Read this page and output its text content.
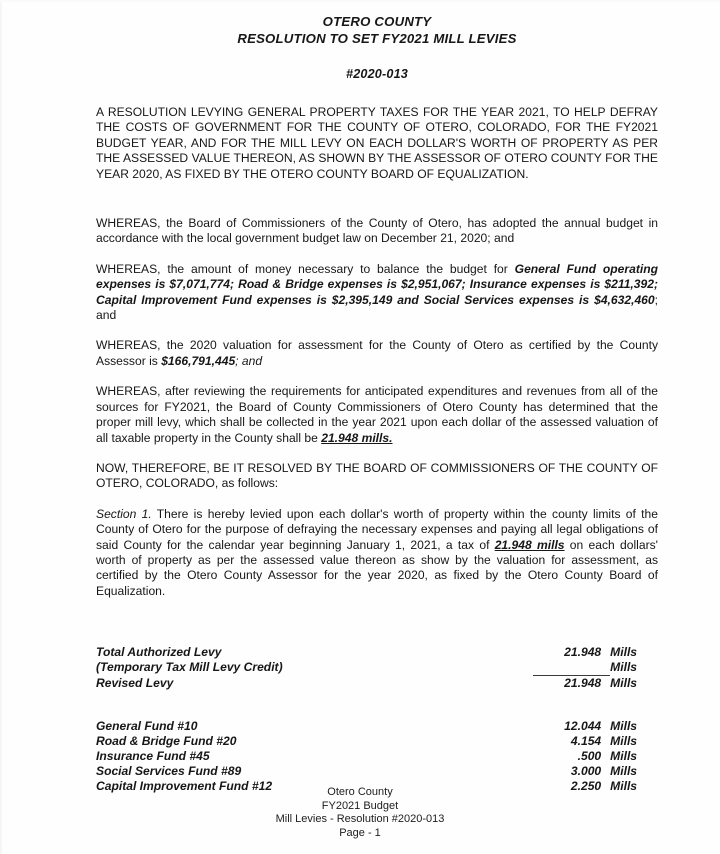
OTERO COUNTY
RESOLUTION TO SET FY2021 MILL LEVIES
#2020-013
A RESOLUTION LEVYING GENERAL PROPERTY TAXES FOR THE YEAR 2021, TO HELP DEFRAY THE COSTS OF GOVERNMENT FOR THE COUNTY OF OTERO, COLORADO, FOR THE FY2021 BUDGET YEAR, AND FOR THE MILL LEVY ON EACH DOLLAR'S WORTH OF PROPERTY AS PER THE ASSESSED VALUE THEREON, AS SHOWN BY THE ASSESSOR OF OTERO COUNTY FOR THE YEAR 2020, AS FIXED BY THE OTERO COUNTY BOARD OF EQUALIZATION.
WHEREAS, the Board of Commissioners of the County of Otero, has adopted the annual budget in accordance with the local government budget law on December 21, 2020; and
WHEREAS, the amount of money necessary to balance the budget for General Fund operating expenses is $7,071,774; Road & Bridge expenses is $2,951,067; Insurance expenses is $211,392; Capital Improvement Fund expenses is $2,395,149 and Social Services expenses is $4,632,460; and
WHEREAS, the 2020 valuation for assessment for the County of Otero as certified by the County Assessor is $166,791,445; and
WHEREAS, after reviewing the requirements for anticipated expenditures and revenues from all of the sources for FY2021, the Board of County Commissioners of Otero County has determined that the proper mill levy, which shall be collected in the year 2021 upon each dollar of the assessed valuation of all taxable property in the County shall be 21.948 mills.
NOW, THEREFORE, BE IT RESOLVED BY THE BOARD OF COMMISSIONERS OF THE COUNTY OF OTERO, COLORADO, as follows:
Section 1. There is hereby levied upon each dollar's worth of property within the county limits of the County of Otero for the purpose of defraying the necessary expenses and paying all legal obligations of said County for the calendar year beginning January 1, 2021, a tax of 21.948 mills on each dollars' worth of property as per the assessed value thereon as show by the valuation for assessment, as certified by the Otero County Assessor for the year 2020, as fixed by the Otero County Board of Equalization.
Total Authorized Levy	21.948	Mills
(Temporary Tax Mill Levy Credit)		Mills
Revised Levy	21.948	Mills
General Fund #10	12.044	Mills
Road & Bridge Fund #20	4.154	Mills
Insurance Fund #45	.500	Mills
Social Services Fund #89	3.000	Mills
Capital Improvement Fund #12	2.250	Mills
Otero County
FY2021 Budget
Mill Levies - Resolution #2020-013
Page - 1
